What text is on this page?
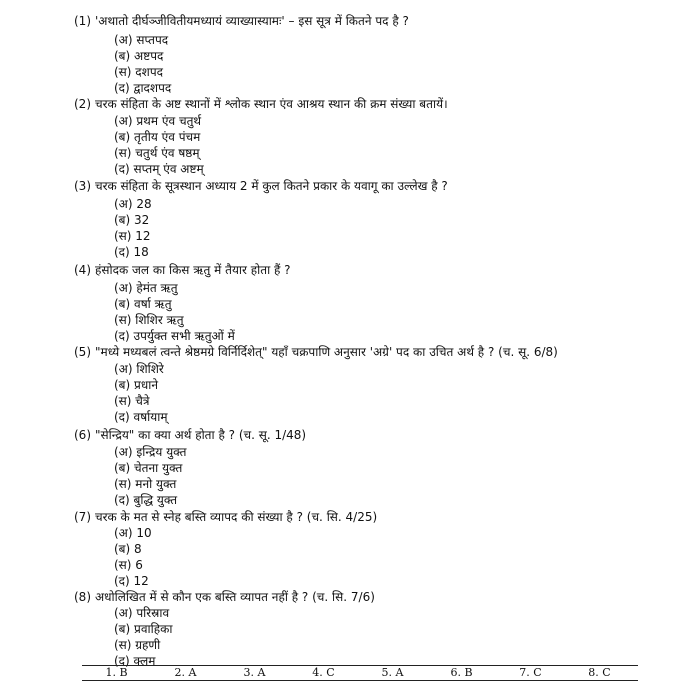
(1) 'अथातो दीर्घञ्जीवितीयमध्यायं व्याख्यास्यामः' – इस सूत्र में कितने पद है ?
(अ) सप्तपद
(ब) अष्टपद
(स) दशपद
(द) द्वादशपद
(2) चरक संहिता के अष्ट स्थानों में श्लोक स्थान एंव आश्रय स्थान की क्रम संख्या बतायें।
(अ) प्रथम एंव चतुर्थ
(ब) तृतीय एंव पंचम
(स) चतुर्थ एंव षष्ठम्
(द) सप्तम् एंव अष्टम्
(3) चरक संहिता के सूत्रस्थान अध्याय 2 में कुल कितने प्रकार के यवागू का उल्लेख है ?
(अ) 28
(ब) 32
(स) 12
(द) 18
(4) हंसोदक जल का किस ऋतु में तैयार होता हैं ?
(अ) हेमंत ऋतु
(ब) वर्षा ऋतु
(स) शिशिर ऋतु
(द) उपर्युक्त सभी ऋतुओं में
(5) "मध्ये मध्यबलं त्वन्ते श्रेष्ठमग्रे विर्निर्दिशेत्" यहाँ चक्रपाणि अनुसार 'अग्रे' पद का उचित अर्थ है ? (च. सू. 6/8)
(अ) शिशिरे
(ब) प्रधाने
(स) चैत्रे
(द) वर्षायाम्
(6) "सेन्द्रिय" का क्या अर्थ होता है ? (च. सू. 1/48)
(अ) इन्द्रिय युक्त
(ब) चेतना युक्त
(स) मनो युक्त
(द) बुद्धि युक्त
(7) चरक के मत से स्नेह बस्ति व्यापद की संख्या है ? (च. सि. 4/25)
(अ) 10
(ब) 8
(स) 6
(द) 12
(8) अधोलिखित में से कौन एक बस्ति व्यापत नहीं है ? (च. सि. 7/6)
(अ) परिस्राव
(ब) प्रवाहिका
(स) ग्रहणी
(द) क्लम
1. B	2. A	3. A	4. C	5. A	6. B	7. C	8. C
